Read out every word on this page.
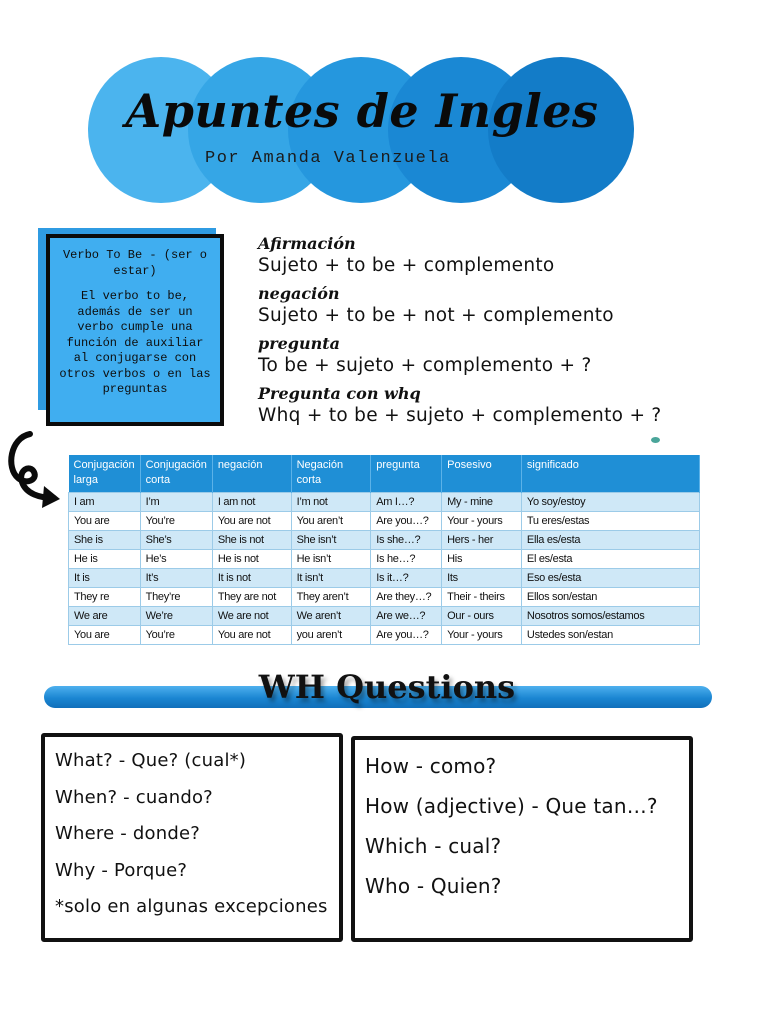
Apuntes de Ingles
Por Amanda Valenzuela

Verbo To Be - (ser o estar)

El verbo to be, además de ser un verbo cumple una función de auxiliar al conjugarse con otros verbos o en las preguntas

Afirmación
Sujeto + to be + complemento
negación
Sujeto + to be + not + complemento
pregunta
To be + sujeto + complemento + ?
Pregunta con whq
Whq + to be + sujeto + complemento + ?
Conjugación larga	Conjugación corta	negación	Negación corta	pregunta	Posesivo	significado
I am	I’m	I am not	I’m not	Am I…?	My - mine	Yo soy/estoy
You are	You’re	You are not	You aren’t	Are you…?	Your - yours	Tu eres/estas
She is	She’s	She is not	She isn’t	Is she…?	Hers - her	Ella es/esta
He is	He’s	He is not	He isn’t	Is he…?	His	El es/esta
It is	It’s	It is not	It isn’t	Is it…?	Its	Eso es/esta
They re	They’re	They are not	They aren’t	Are they…?	Their - theirs	Ellos son/estan
We are	We’re	We are not	We aren’t	Are we…?	Our - ours	Nosotros somos/estamos
You are	You’re	You are not	you aren’t	Are you…?	Your - yours	Ustedes son/estan
WH Questions
What? - Que? (cual*)
When? - cuando?
Where - donde?
Why - Porque?
*solo en algunas excepciones
How - como?
How (adjective) - Que tan…?
Which - cual?
Who - Quien?
